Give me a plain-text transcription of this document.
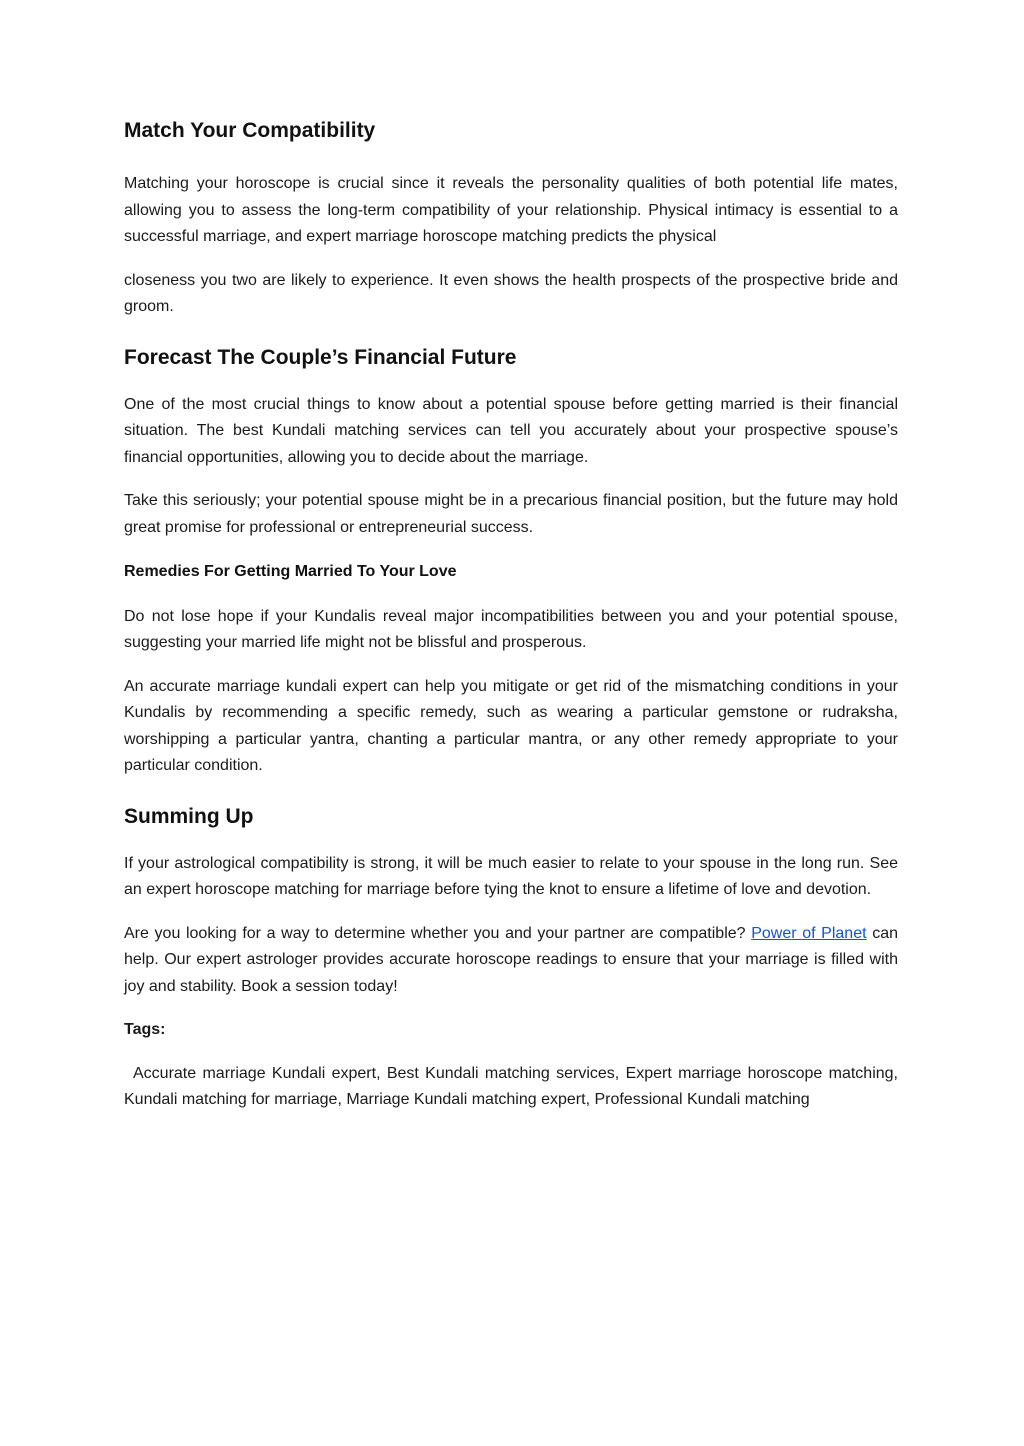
Match Your Compatibility

Matching your horoscope is crucial since it reveals the personality qualities of both potential life mates, allowing you to assess the long-term compatibility of your relationship. Physical intimacy is essential to a successful marriage, and expert marriage horoscope matching predicts the physical

closeness you two are likely to experience. It even shows the health prospects of the prospective bride and groom.

Forecast The Couple’s Financial Future

One of the most crucial things to know about a potential spouse before getting married is their financial situation. The best Kundali matching services can tell you accurately about your prospective spouse’s financial opportunities, allowing you to decide about the marriage.

Take this seriously; your potential spouse might be in a precarious financial position, but the future may hold great promise for professional or entrepreneurial success.

Remedies For Getting Married To Your Love

Do not lose hope if your Kundalis reveal major incompatibilities between you and your potential spouse, suggesting your married life might not be blissful and prosperous.

An accurate marriage kundali expert can help you mitigate or get rid of the mismatching conditions in your Kundalis by recommending a specific remedy, such as wearing a particular gemstone or rudraksha, worshipping a particular yantra, chanting a particular mantra, or any other remedy appropriate to your particular condition.

Summing Up

If your astrological compatibility is strong, it will be much easier to relate to your spouse in the long run. See an expert horoscope matching for marriage before tying the knot to ensure a lifetime of love and devotion.

Are you looking for a way to determine whether you and your partner are compatible? Power of Planet can help. Our expert astrologer provides accurate horoscope readings to ensure that your marriage is filled with joy and stability. Book a session today!

Tags:

Accurate marriage Kundali expert, Best Kundali matching services, Expert marriage horoscope matching, Kundali matching for marriage, Marriage Kundali matching expert, Professional Kundali matching
